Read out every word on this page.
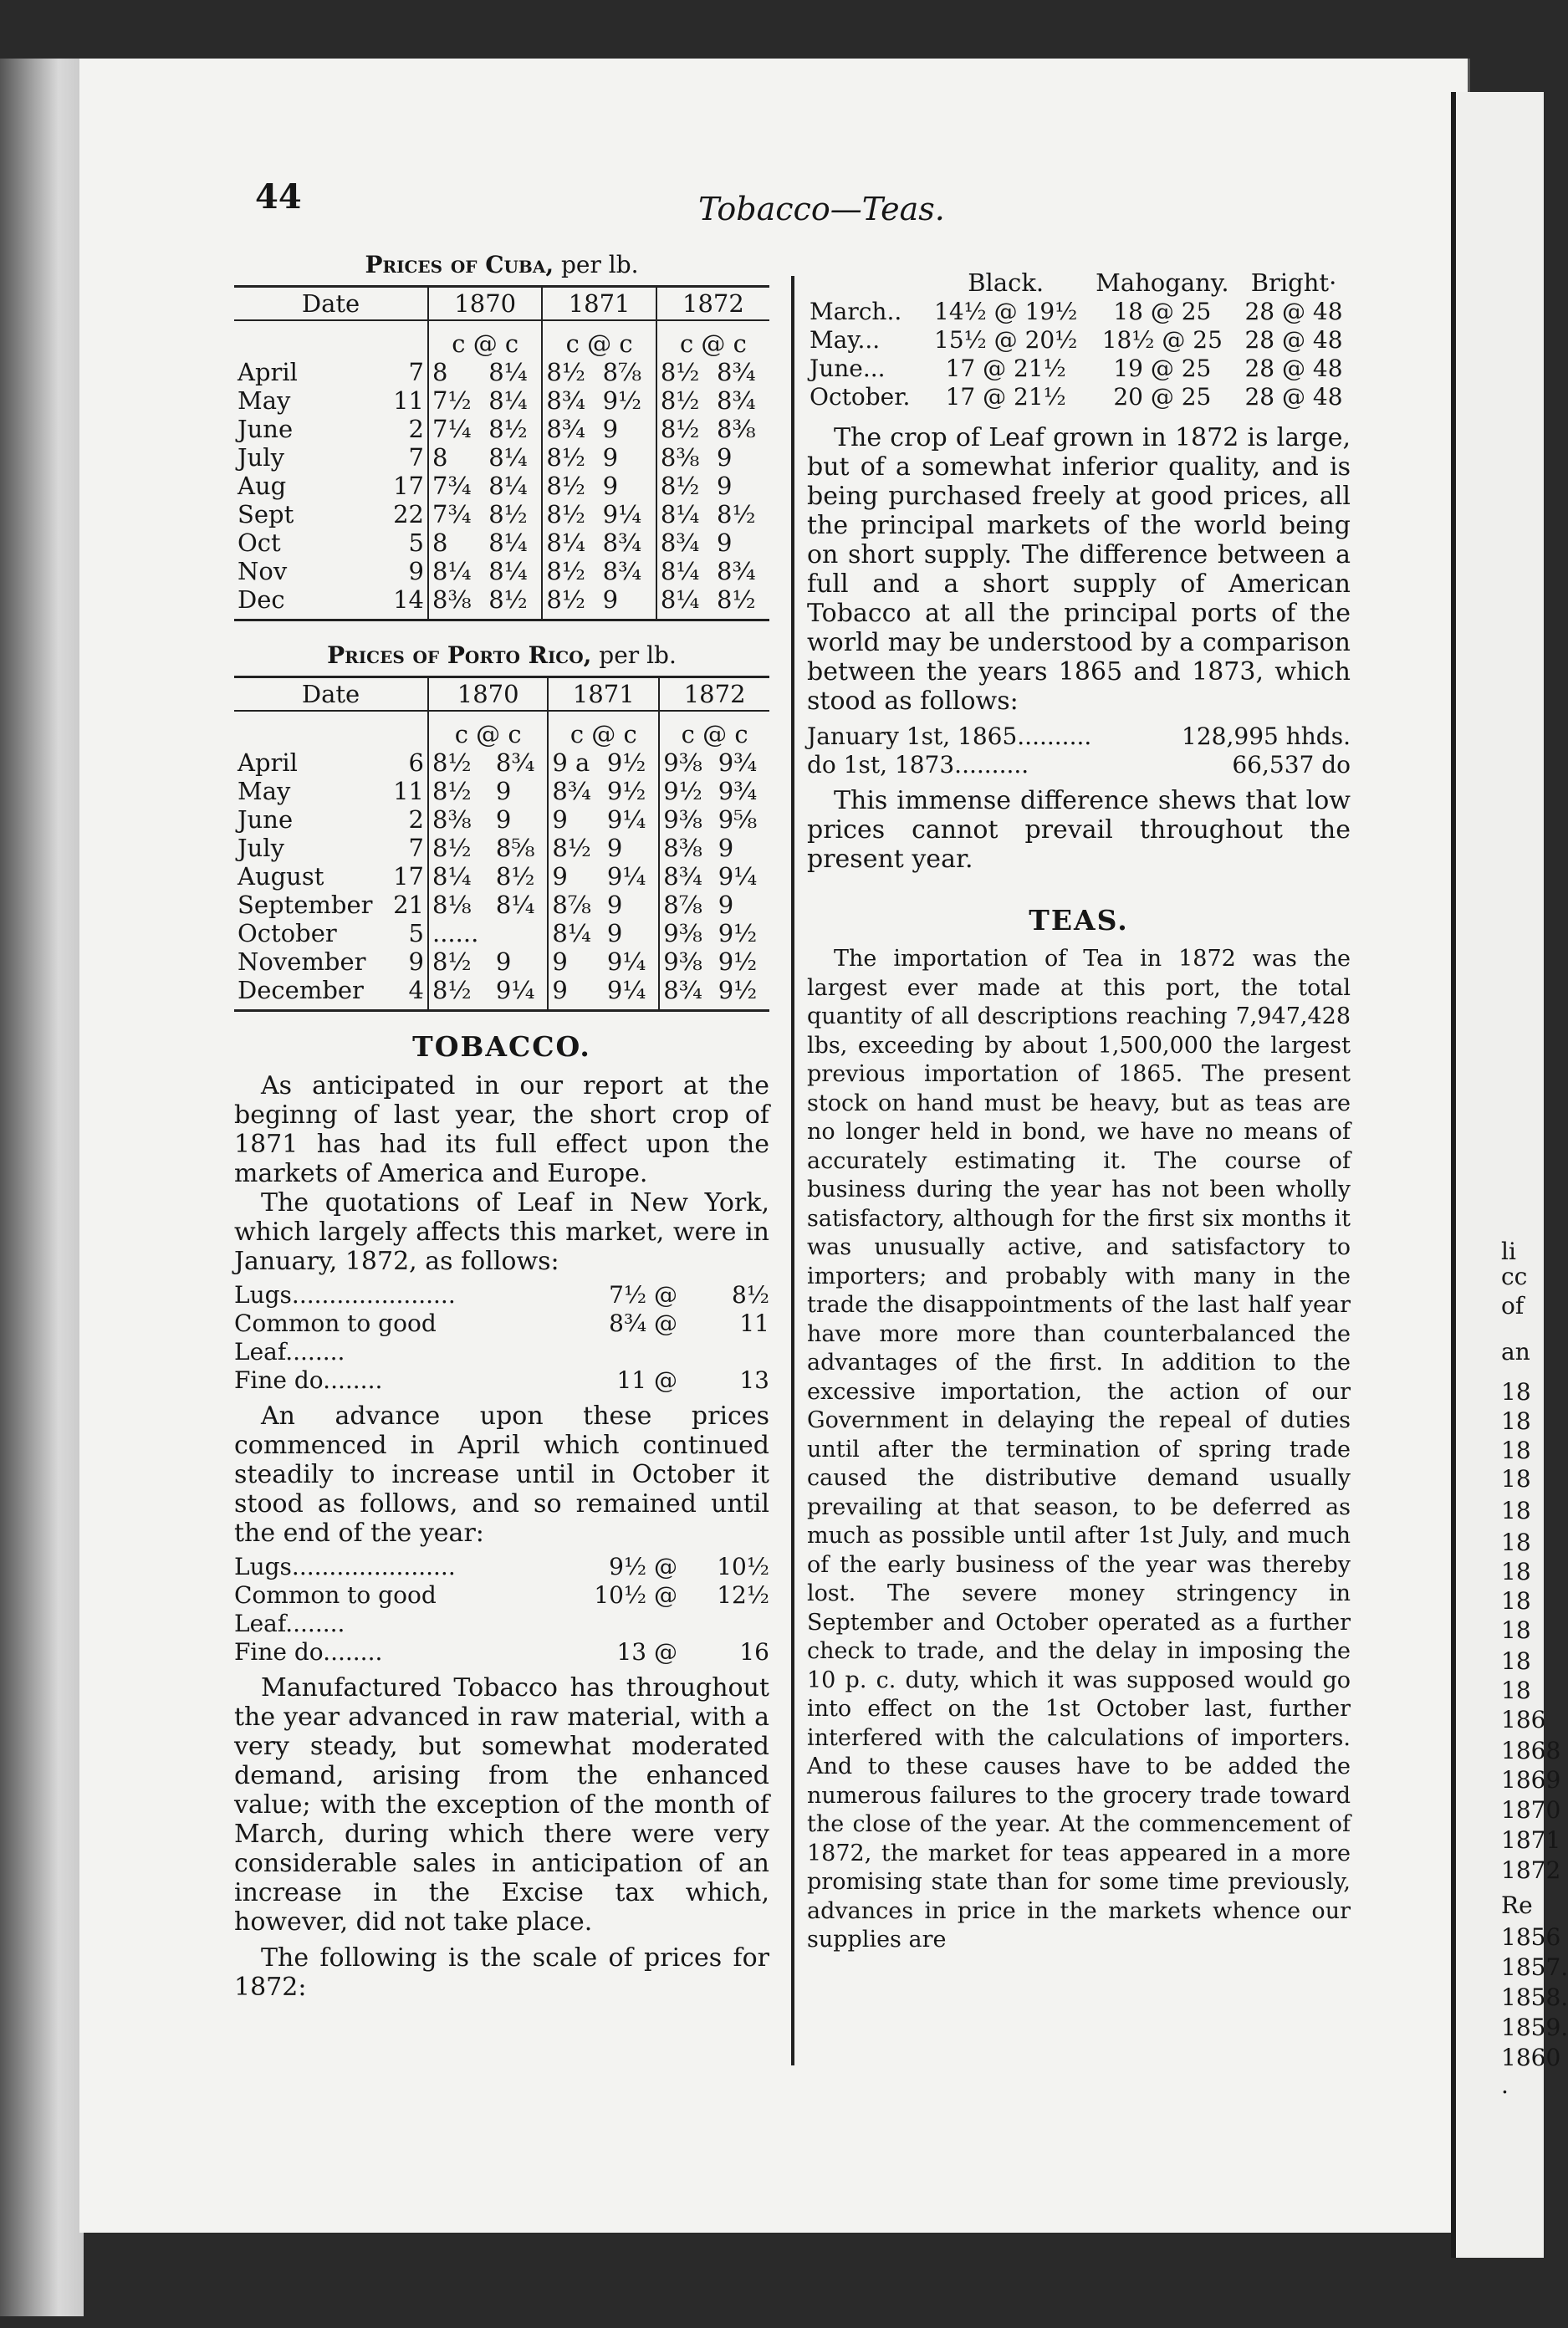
li
cc
of
an
18
18
18
18
18
18
18
18
18
18
18
186
1868
1869
1870
1871
1872
Re
1856
1857.
1858.
1859.
1860 .
44	Tobacco—Teas.
Prices of Cuba, per lb.
Date		1870		1871		1872	
		c @ c		c @ c		c @ c	
April	7	8	8¼	8½	8⅞	8½	8¾
May	11	7½	8¼	8¾	9½	8½	8¾
June	2	7¼	8½	8¾	9	8½	8⅜
July	7	8	8¼	8½	9	8⅜	9
Aug	17	7¾	8¼	8½	9	8½	9
Sept	22	7¾	8½	8½	9¼	8¼	8½
Oct	5	8	8¼	8¼	8¾	8¾	9
Nov	9	8¼	8¼	8½	8¾	8¼	8¾
Dec	14	8⅜	8½	8½	9	8¼	8½
Prices of Porto Rico, per lb.
Date		1870		1871		1872	
		c @ c		c @ c		c @ c	
April	6	8½	8¾	9 a	9½	9⅜	9¾
May	11	8½	9	8¾	9½	9½	9¾
June	2	8⅜	9	9	9¼	9⅜	9⅝
July	7	8½	8⅝	8½	9	8⅜	9
August	17	8¼	8½	9	9¼	8¾	9¼
September	21	8⅛	8¼	8⅞	9	8⅞	9
October	5	......		8¼	9	9⅜	9½
November	9	8½	9	9	9¼	9⅜	9½
December	4	8½	9¼	9	9¼	8¾	9½
TOBACCO.

As anticipated in our report at the beginng of last year, the short crop of 1871 has had its full effect upon the markets of America and Europe.

The quotations of Leaf in New York, which largely affects this market, were in January, 1872, as follows:

Lugs......................	7½ @	8½
Common to good Leaf........
8¾ @	11
Fine do........	11 @	13

An advance upon these prices commenced in April which continued steadily to increase until in October it stood as follows, and so remained until the end of the year:

Lugs......................	9½ @	10½
Common to good Leaf........
10½ @	12½
Fine do........	13 @	16

Manufactured Tobacco has throughout the year advanced in raw material, with a very steady, but somewhat moderated demand, arising from the enhanced value; with the exception of the month of March, during which there were very considerable sales in anticipation of an increase in the Excise tax which, however, did not take place.

The following is the scale of prices for 1872:

	Black.	Mahogany.	Bright·
March..	14½ @ 19½	18 @ 25	28 @ 48
May...	15½ @ 20½	18½ @ 25	28 @ 48
June...	17 @ 21½	19 @ 25	28 @ 48
October.	17 @ 21½	20 @ 25	28 @ 48

The crop of Leaf grown in 1872 is large, but of a somewhat inferior quality, and is being purchased freely at good prices, all the principal markets of the world being on short supply. The difference between a full and a short supply of American Tobacco at all the principal ports of the world may be understood by a comparison between the years 1865 and 1873, which stood as follows:

January 1st, 1865..........	128,995 hhds.
do 1st, 1873..........	66,537 do

This immense difference shews that low prices cannot prevail throughout the present year.

TEAS.

The importation of Tea in 1872 was the largest ever made at this port, the total quantity of all descriptions reaching 7,947,428 lbs, exceeding by about 1,500,000 the largest previous importation of 1865. The present stock on hand must be heavy, but as teas are no longer held in bond, we have no means of accurately estimating it. The course of business during the year has not been wholly satisfactory, although for the first six months it was unusually active, and satisfactory to importers; and probably with many in the trade the disappointments of the last half year have more more than counterbalanced the advantages of the first. In addition to the excessive importation, the action of our Government in delaying the repeal of duties until after the termination of spring trade caused the distributive demand usually prevailing at that season, to be deferred as much as possible until after 1st July, and much of the early business of the year was thereby lost. The severe money stringency in September and October operated as a further check to trade, and the delay in imposing the 10 p. c. duty, which it was supposed would go into effect on the 1st October last, further interfered with the calculations of importers. And to these causes have to be added the numerous failures to the grocery trade toward the close of the year. At the commencement of 1872, the market for teas appeared in a more promising state than for some time previously, advances in price in the markets whence our supplies are
